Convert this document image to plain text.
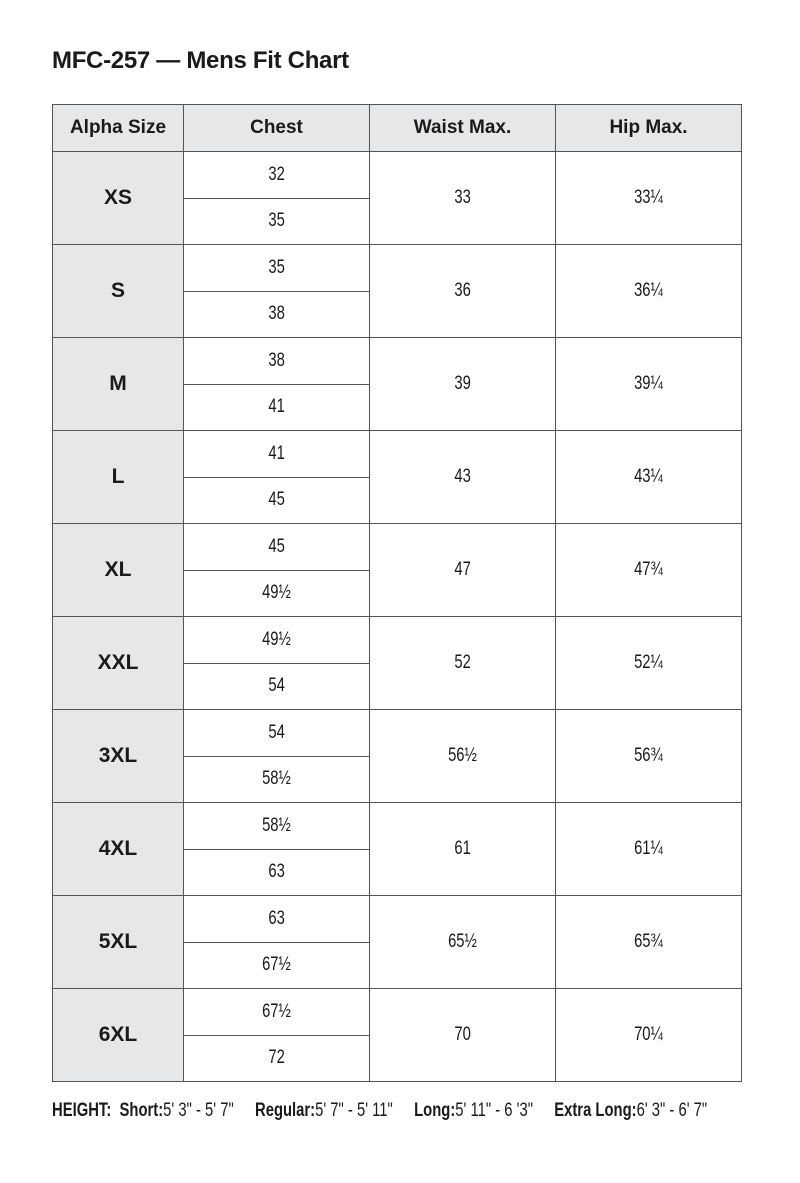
MFC-257 — Mens Fit Chart
Alpha Size	Chest	Waist Max.	Hip Max.
XS	32	33	33¼
	35		
S	35	36	36¼
	38		
M	38	39	39¼
	41		
L	41	43	43¼
	45		
XL	45	47	47¾
	49½		
XXL	49½	52	52¼
	54		
3XL	54	56½	56¾
	58½		
4XL	58½	61	61¼
	63		
5XL	63	65½	65¾
	67½		
6XL	67½	70	70¼
	72		
HEIGHT: Short:5' 3" - 5' 7" Regular:5' 7" - 5' 11" Long:5' 11" - 6 '3" Extra Long:6' 3" - 6' 7"
